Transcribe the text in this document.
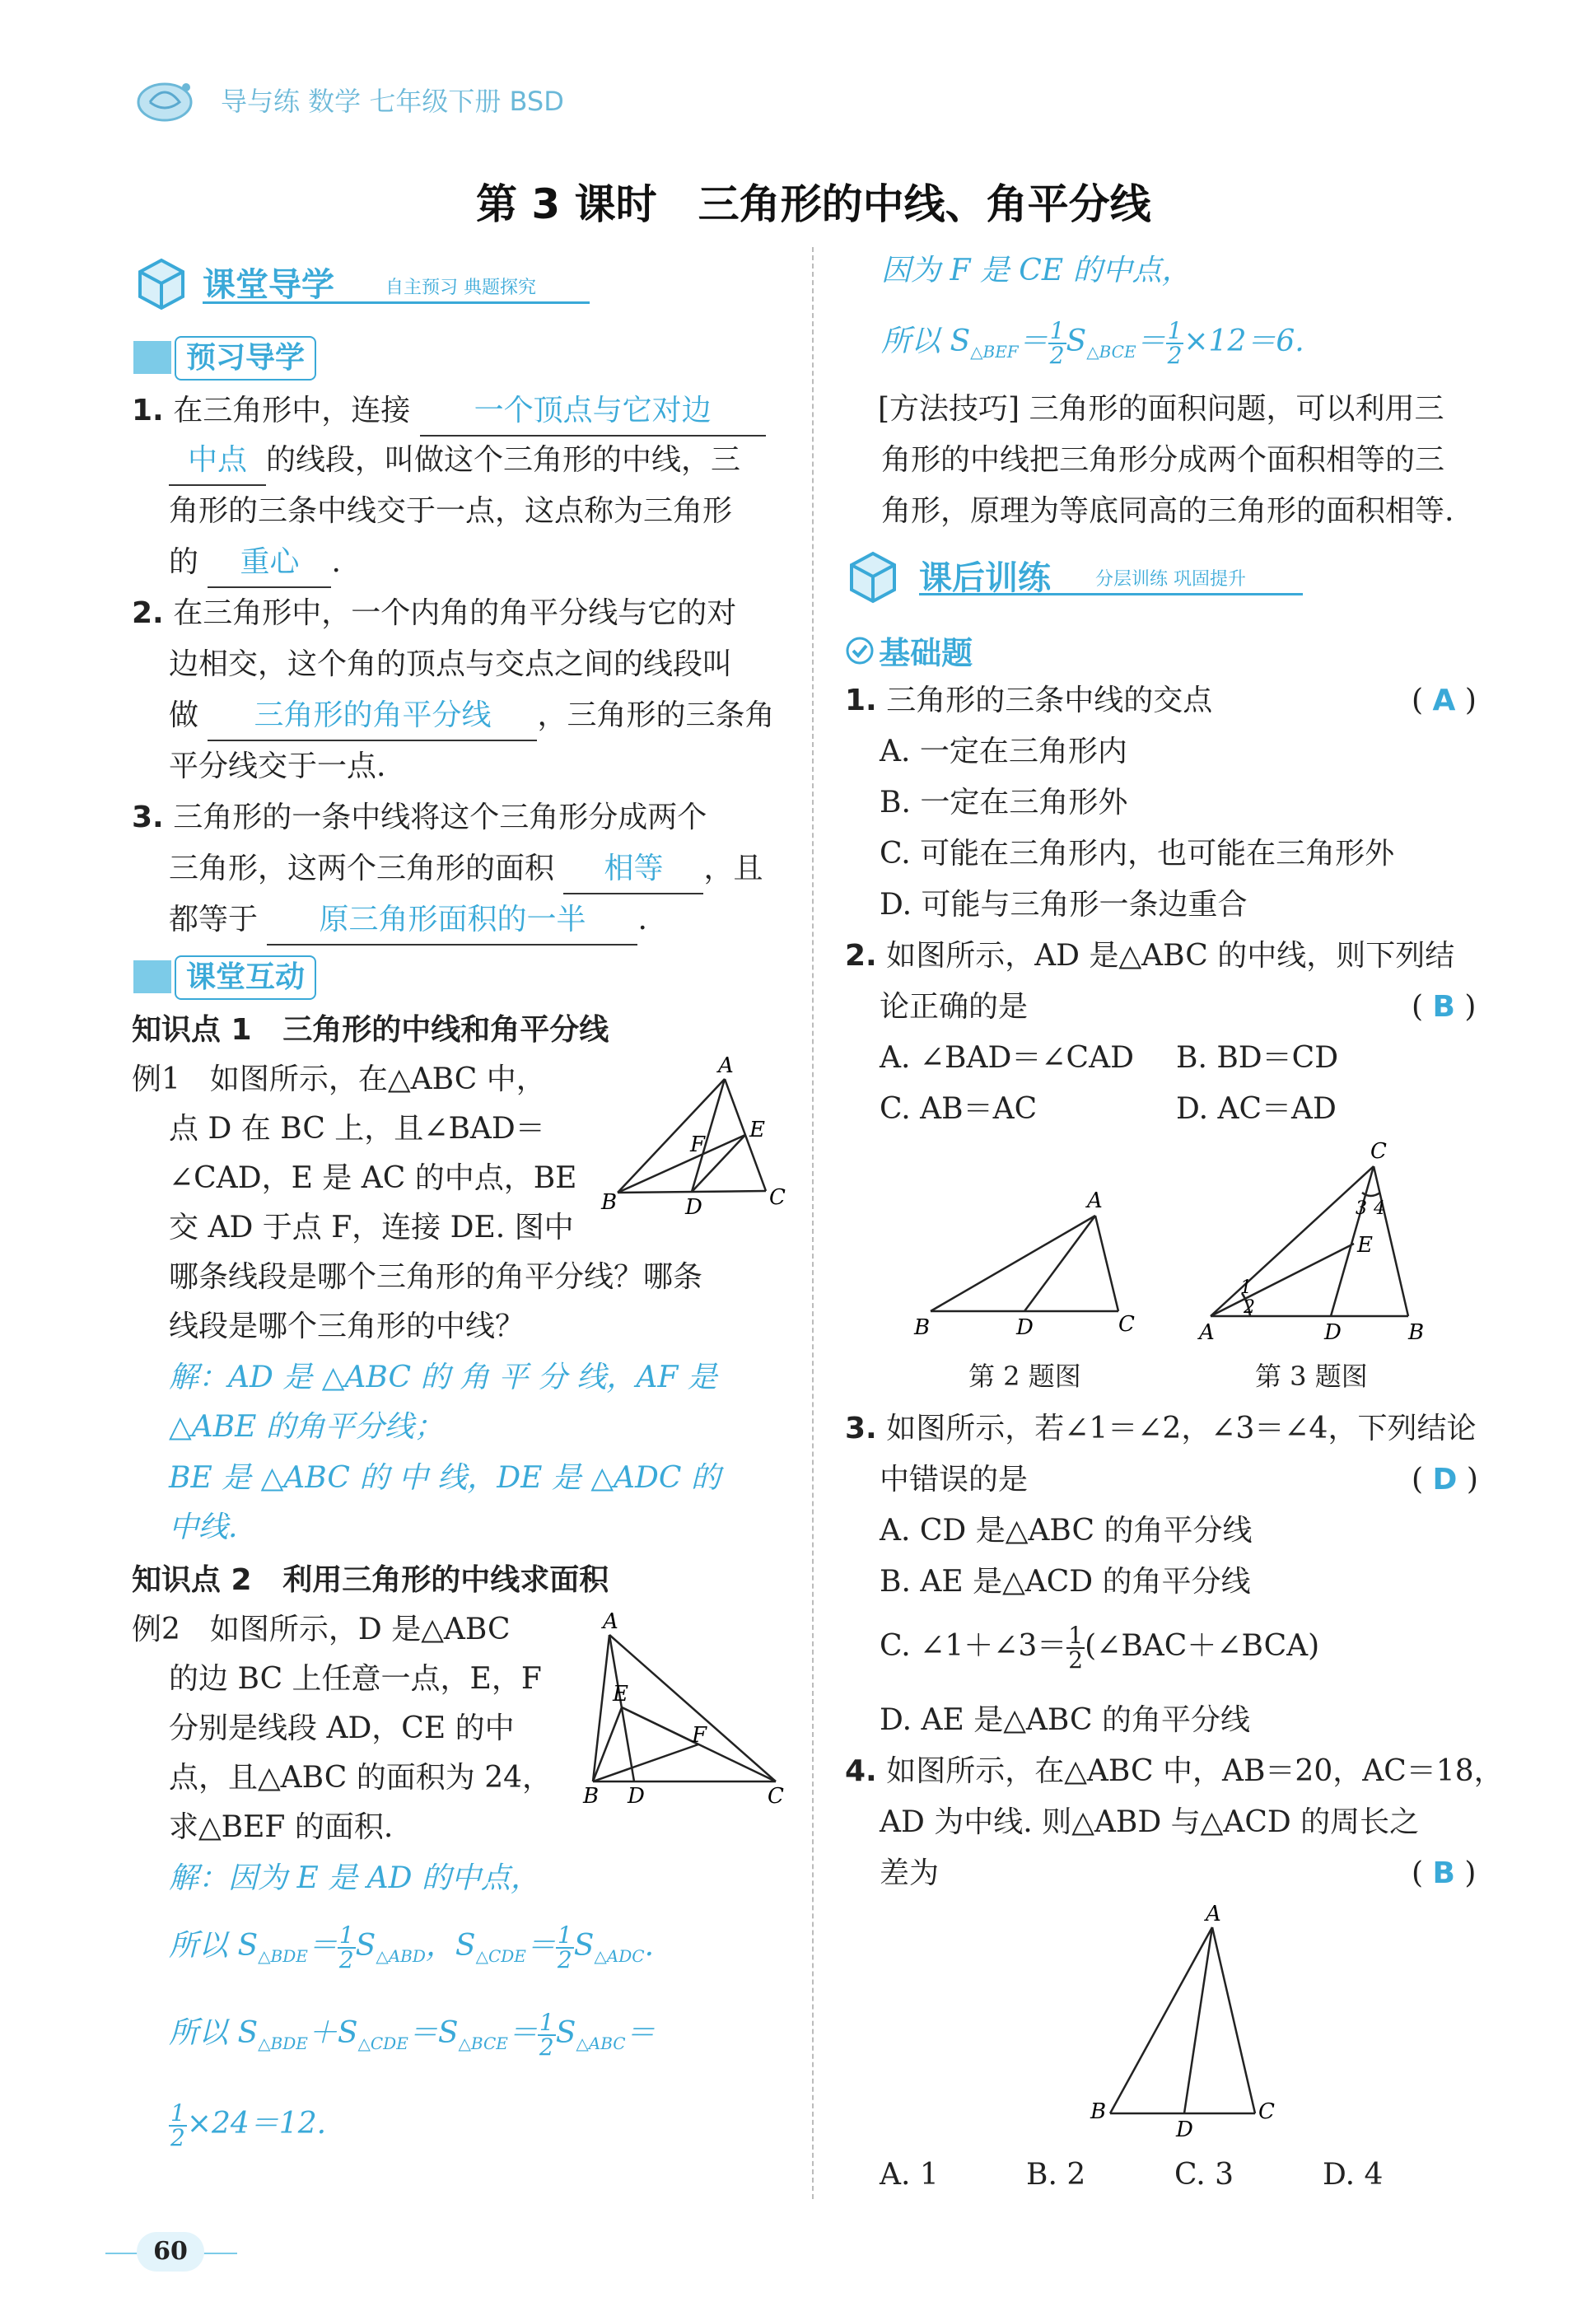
导与练 数学 七年级下册 BSD
第 3 课时　三角形的中线、角平分线
课堂导学	自主预习 典题探究
预习导学
1. 在三角形中，连接 一个顶点与它对边
中点 的线段，叫做这个三角形的中线，三
角形的三条中线交于一点，这点称为三角形
的 重心 .
2. 在三角形中，一个内角的角平分线与它的对
边相交，这个角的顶点与交点之间的线段叫
做 三角形的角平分线 ，三角形的三条角
平分线交于一点.
3. 三角形的一条中线将这个三角形分成两个
三角形，这两个三角形的面积 相等 ，且
都等于 原三角形面积的一半 .
课堂互动
知识点 1 三角形的中线和角平分线
例1　如图所示，在△ABC 中，
点 D 在 BC 上，且∠BAD＝
∠CAD，E 是 AC 的中点，BE
交 AD 于点 F，连接 DE. 图中
哪条线段是哪个三角形的角平分线？哪条
线段是哪个三角形的中线？
解：AD 是 △ABC 的 角 平 分 线，AF 是
△ABE 的角平分线；
BE 是 △ABC 的 中 线，DE 是 △ADC 的
中线.
A
B	C
D
E
F
知识点 2 利用三角形的中线求面积
例2　如图所示，D 是△ABC
的边 BC 上任意一点，E，F
分别是线段 AD，CE 的中
点，且△ABC 的面积为 24，
求△BEF 的面积.
解：因为 E 是 AD 的中点，
所以 $S_{\triangle BDE}= \frac{1}{2} S_{\triangle ABD}$，$S_{\triangle CDE}= \frac{1}{2} S_{\triangle ADC}$.
所以 $S_{\triangle BDE}+S_{\triangle CDE}=S_{\triangle BCE}= \frac{1}{2} S_{\triangle ABC}=$
$\frac{1}{2} \times 24=12$.
A
B	C
D
E
F
因为 F 是 CE 的中点，
所以 $S_{\triangle BEF}= \frac{1}{2} S_{\triangle BCE}= \frac{1}{2} \times 12=6$.
[方法技巧] 三角形的面积问题，可以利用三
角形的中线把三角形分成两个面积相等的三
角形，原理为等底同高的三角形的面积相等.
课后训练 分层训练 巩固提升
基础题
1. 三角形的三条中线的交点	( A )
A. 一定在三角形内
B. 一定在三角形外
C. 可能在三角形内，也可能在三角形外
D. 可能与三角形一条边重合
2. 如图所示，AD 是△ABC 的中线，则下列结
论正确的是	( B )
A. ∠BAD＝∠CAD B. BD＝CD
C. AB＝AC	D. AC＝AD
A
B	C
D
第 2 题图
C
A	B
D
E
1
2
3 4
第 3 题图
3. 如图所示，若∠1＝∠2，∠3＝∠4，下列结论
中错误的是	( D )
A. CD 是△ABC 的角平分线
B. AE 是△ACD 的角平分线
C. ∠1＋∠3＝ $\frac{1}{2}$ (∠BAC＋∠BCA)
D. AE 是△ABC 的角平分线
4. 如图所示，在△ABC 中，AB＝20，AC＝18，
AD 为中线. 则△ABD 与△ACD 的周长之
差为	( B )
A
B	C
D
A. 1	B. 2	C. 3	D. 4
60
